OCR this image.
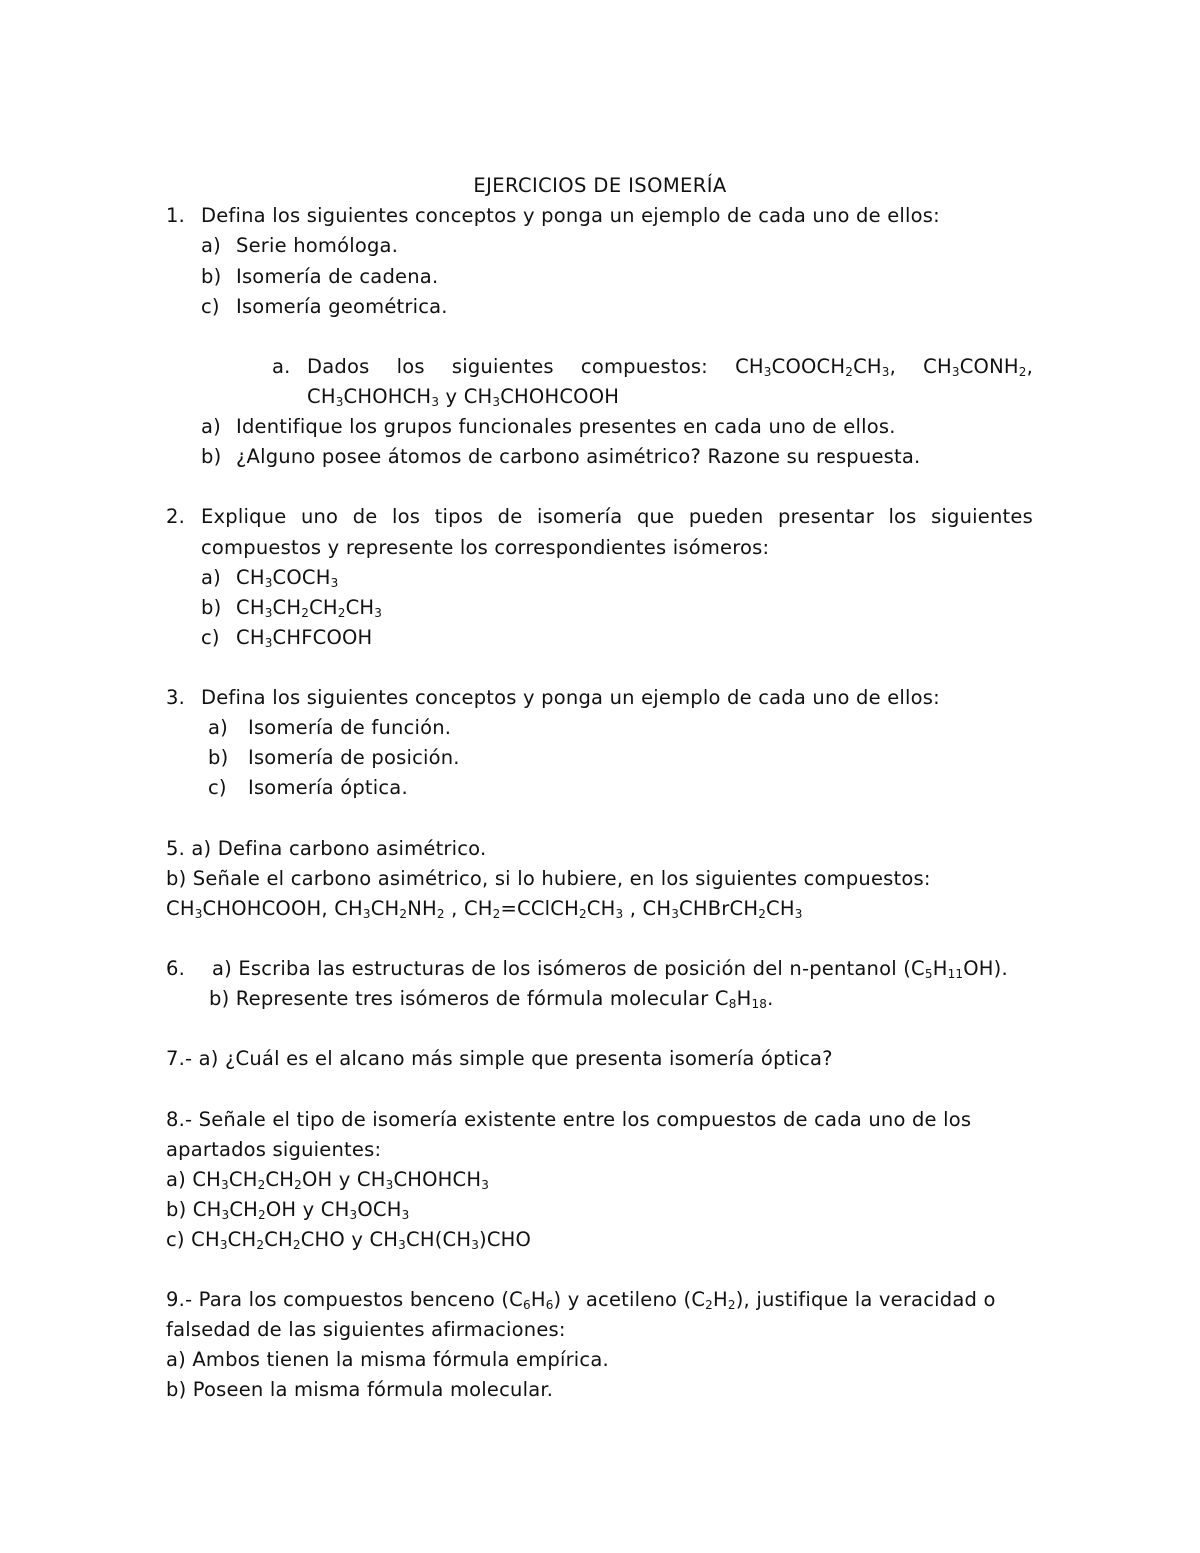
EJERCICIOS DE ISOMERÍA
1. Defina los siguientes conceptos y ponga un ejemplo de cada uno de ellos:
a) Serie homóloga.
b) Isomería de cadena.
c) Isomería geométrica.
a. Dados los siguientes compuestos: $CH_3COOCH_2CH_3$, $CH_3CONH_2$,
$CH_3CHOHCH_3$ y $CH_3CHOHCOOH$
a) Identifique los grupos funcionales presentes en cada uno de ellos.
b) ¿Alguno posee átomos de carbono asimétrico? Razone su respuesta.
2. Explique uno de los tipos de isomería que pueden presentar los siguientes
compuestos y represente los correspondientes isómeros:
a) $CH_3COCH_3$
b) $CH_3CH_2CH_2CH_3$
c) $CH_3CHFCOOH$
3. Defina los siguientes conceptos y ponga un ejemplo de cada uno de ellos:
a) Isomería de función.
b) Isomería de posición.
c) Isomería óptica.
5. a) Defina carbono asimétrico.
b) Señale el carbono asimétrico, si lo hubiere, en los siguientes compuestos:
$CH_3CHOHCOOH$, $CH_3CH_2NH_2$ , $CH_2=CClCH_2CH_3$ , $CH_3CHBrCH_2CH_3$
6. a) Escriba las estructuras de los isómeros de posición del n-pentanol $(C_5H_{11}OH)$.
b) Represente tres isómeros de fórmula molecular $C_8H_{18}$.
7.- a) ¿Cuál es el alcano más simple que presenta isomería óptica?
8.- Señale el tipo de isomería existente entre los compuestos de cada uno de los
apartados siguientes:
a) $CH_3CH_2CH_2OH$ y $CH_3CHOHCH_3$
b) $CH_3CH_2OH$ y $CH_3OCH_3$
c) $CH_3CH_2CH_2CHO$ y $CH_3CH(CH_3)CHO$
9.- Para los compuestos benceno $(C_6H_6)$ y acetileno $(C_2H_2)$, justifique la veracidad o
falsedad de las siguientes afirmaciones:
a) Ambos tienen la misma fórmula empírica.
b) Poseen la misma fórmula molecular.
